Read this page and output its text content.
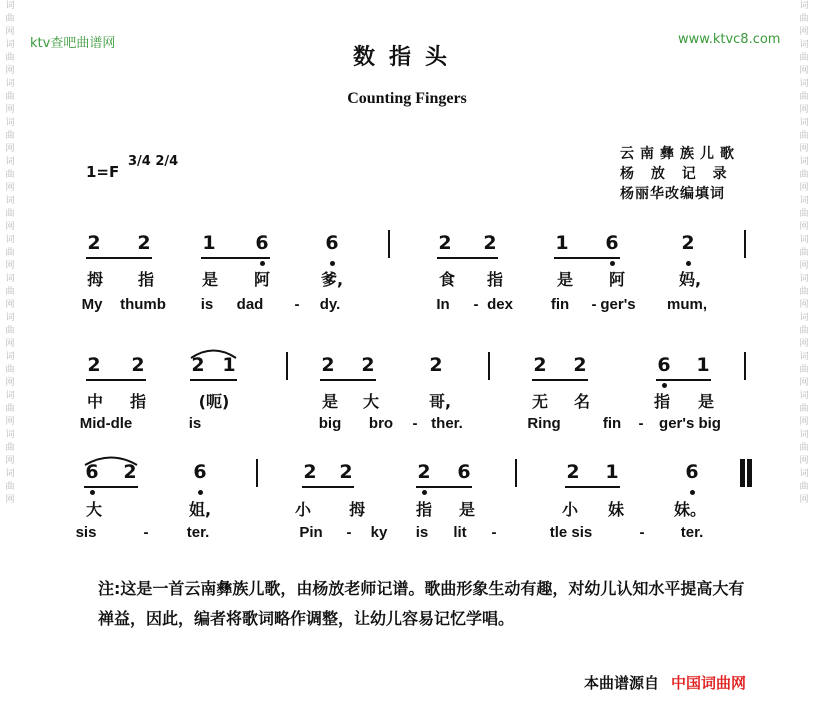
词
曲
网
词
曲
网
词
曲
网
词
曲
网
词
曲
网
词
曲
网
词
曲
网
词
曲
网
词
曲
网
词
曲
网
词
曲
网
词
曲
网
词
曲
网
词
曲
网
词
曲
网
词
曲
网
词
曲
网
词
曲
网
词
曲
网
词
曲
网
词
曲
网
词
曲
网
词
曲
网
词
曲
网
词
曲
网
词
曲
网
ktv查吧曲谱网	www.ktvc8.com
数指头
Counting Fingers
1=F
3/4 2/4	云南彝族儿歌
杨 放 记 录
杨丽华改编填词
2 2	1 6	6	2 2	1 6	2
拇 指	是 阿	爹,	食 指	是 阿	妈,
My thumb is dad - dy.	In - dex	fin - ger's mum,
2 2 2 1	2 2	2	2 2	6 1
中 指	(呃)	是 大	哥,	无 名	指 是
Mid-dle	is	big bro - ther.	Ring	fin - ger's big
6 2	6	2 2	2 6	2 1	6
大	姐,	小 拇	指 是	小 妹	妹。
sis	-	ter.	Pin - ky is lit -	tle sis	- ter.
注:这是一首云南彝族儿歌，由杨放老师记谱。歌曲形象生动有趣，对幼儿认知水平提高大有禅益，因此，编者将歌词略作调整，让幼儿容易记忆学唱。
本曲谱源自 中国词曲网
